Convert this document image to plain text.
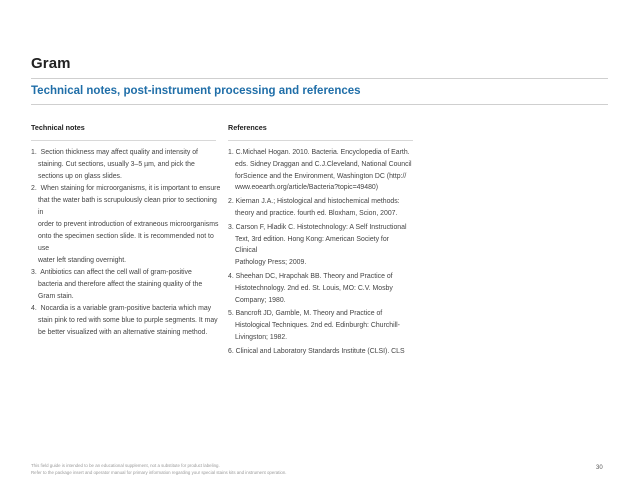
Gram
Technical notes, post-instrument processing and references
Technical notes
1. Section thickness may affect quality and intensity of
staining. Cut sections, usually 3–5 µm, and pick the
sections up on glass slides.
2. When staining for microorganisms, it is important to ensure
that the water bath is scrupulously clean prior to sectioning in
order to prevent introduction of extraneous microorganisms
onto the specimen section slide. It is recommended not to use
water left standing overnight.
3. Antibiotics can affect the cell wall of gram-positive
bacteria and therefore affect the staining quality of the
Gram stain.
4. Nocardia is a variable gram-positive bacteria which may
stain pink to red with some blue to purple segments. It may
be better visualized with an alternative staining method.
References
1. C.Michael Hogan. 2010. Bacteria. Encyclopedia of Earth.
eds. Sidney Draggan and C.J.Cleveland, National Council
forScience and the Environment, Washington DC (http://
www.eoearth.org/article/Bacteria?topic=49480)
2. Kiernan J.A.; Histological and histochemical methods:
theory and practice. fourth ed. Bloxham, Scion, 2007.
3. Carson F, Hladik C. Histotechnology: A Self Instructional
Text, 3rd edition. Hong Kong: American Society for Clinical
Pathology Press; 2009.
4. Sheehan DC, Hrapchak BB. Theory and Practice of
Histotechnology. 2nd ed. St. Louis, MO: C.V. Mosby
Company; 1980.
5. Bancroft JD, Gamble, M. Theory and Practice of
Histological Techniques. 2nd ed. Edinburgh: Churchill-
Livingston; 1982.
6. Clinical and Laboratory Standards Institute (CLSI). CLS
This field guide is intended to be an educational supplement, not a substitute for product labeling.
Refer to the package insert and operator manual for primary information regarding your special stains kits and instrument operation.
30
